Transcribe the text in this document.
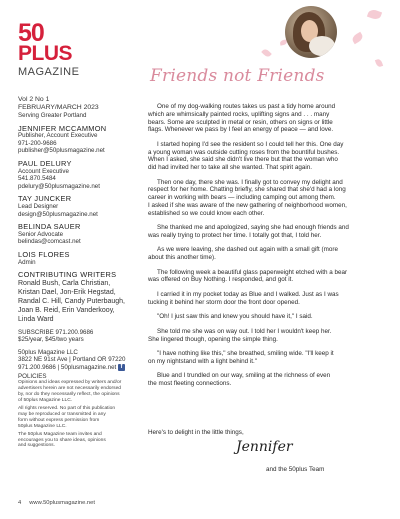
50
PLUS
MAGAZINE
Vol 2 No 1
FEBRUARY/MARCH 2023
Serving Greater Portland
JENNIFER MCCAMMON
Publisher, Account Executive
971-200-9686
publisher@50plusmagazine.net
PAUL DELURY
Account Executive
541.870.5484
pdelury@50plusmagazine.net
TAY JUNCKER
Lead Designer
design@50plusmagazine.net
BELINDA SAUER
Senior Advocate
belindas@comcast.net
LOIS FLORES
Admin
CONTRIBUTING WRITERS
Ronald Bush, Carla Christian,
Kristan Dael, Jon-Erik Hegstad,
Randal C. Hill, Candy Puterbaugh,
Joan B. Reid, Erin Vanderkooy,
Linda Ward
SUBSCRIBE 971.200.9686
$25/year, $45/two years
50plus Magazine LLC
3822 NE 91st Ave | Portland OR 97220
971.200.9686 | 50plusmagazine.net f
POLICIES
Opinions and ideas expressed by writers and/or
advertisers herein are not necessarily endorsed
by, nor do they necessarily reflect, the opinions
of 50plus Magazine LLC.
All rights reserved. No part of this publication
may be reproduced or transmitted in any
form without express permission from
50plus Magazine LLC.
The 50plus Magazine team invites and
encourages you to share ideas, opinions
and suggestions.
Friends not Friends

One of my dog-walking routes takes us past a tidy home around
which are whimsically painted rocks, uplifting signs and . . . many
bears. Some are sculpted in metal or resin, others on signs or little
flags. Whenever we pass by I feel an energy of peace — and love.

I started hoping I'd see the resident so I could tell her this. One day
a young woman was outside cutting roses from the bountiful bushes.
When I asked, she said she didn't live there but that the woman who
did had invited her to take all she wanted. That spirit again.

Then one day, there she was. I finally got to convey my delight and
respect for her home. Chatting briefly, she shared that she'd had a long
career in working with bears — including camping out among them.
I asked if she was aware of the new gathering of neighborhood women,
established so we could know each other.

She thanked me and apologized, saying she had enough friends and
was really trying to protect her time. I totally got that, I told her.

As we were leaving, she dashed out again with a small gift (more
about this another time).

The following week a beautiful glass paperweight etched with a bear
was offered on Buy Nothing. I responded, and got it.

I carried it in my pocket today as Blue and I walked. Just as I was
tucking it behind her storm door the front door opened.

"Oh! I just saw this and knew you should have it," I said.

She told me she was on way out. I told her I wouldn't keep her.
She lingered though, opening the simple thing.

"I have nothing like this," she breathed, smiling wide. "I'll keep it
on my nightstand with a light behind it."

Blue and I trundled on our way, smiling at the richness of even
the most fleeting connections.

Here's to delight in the little things,
Jennifer
and the 50plus Team
4 www.50plusmagazine.net
